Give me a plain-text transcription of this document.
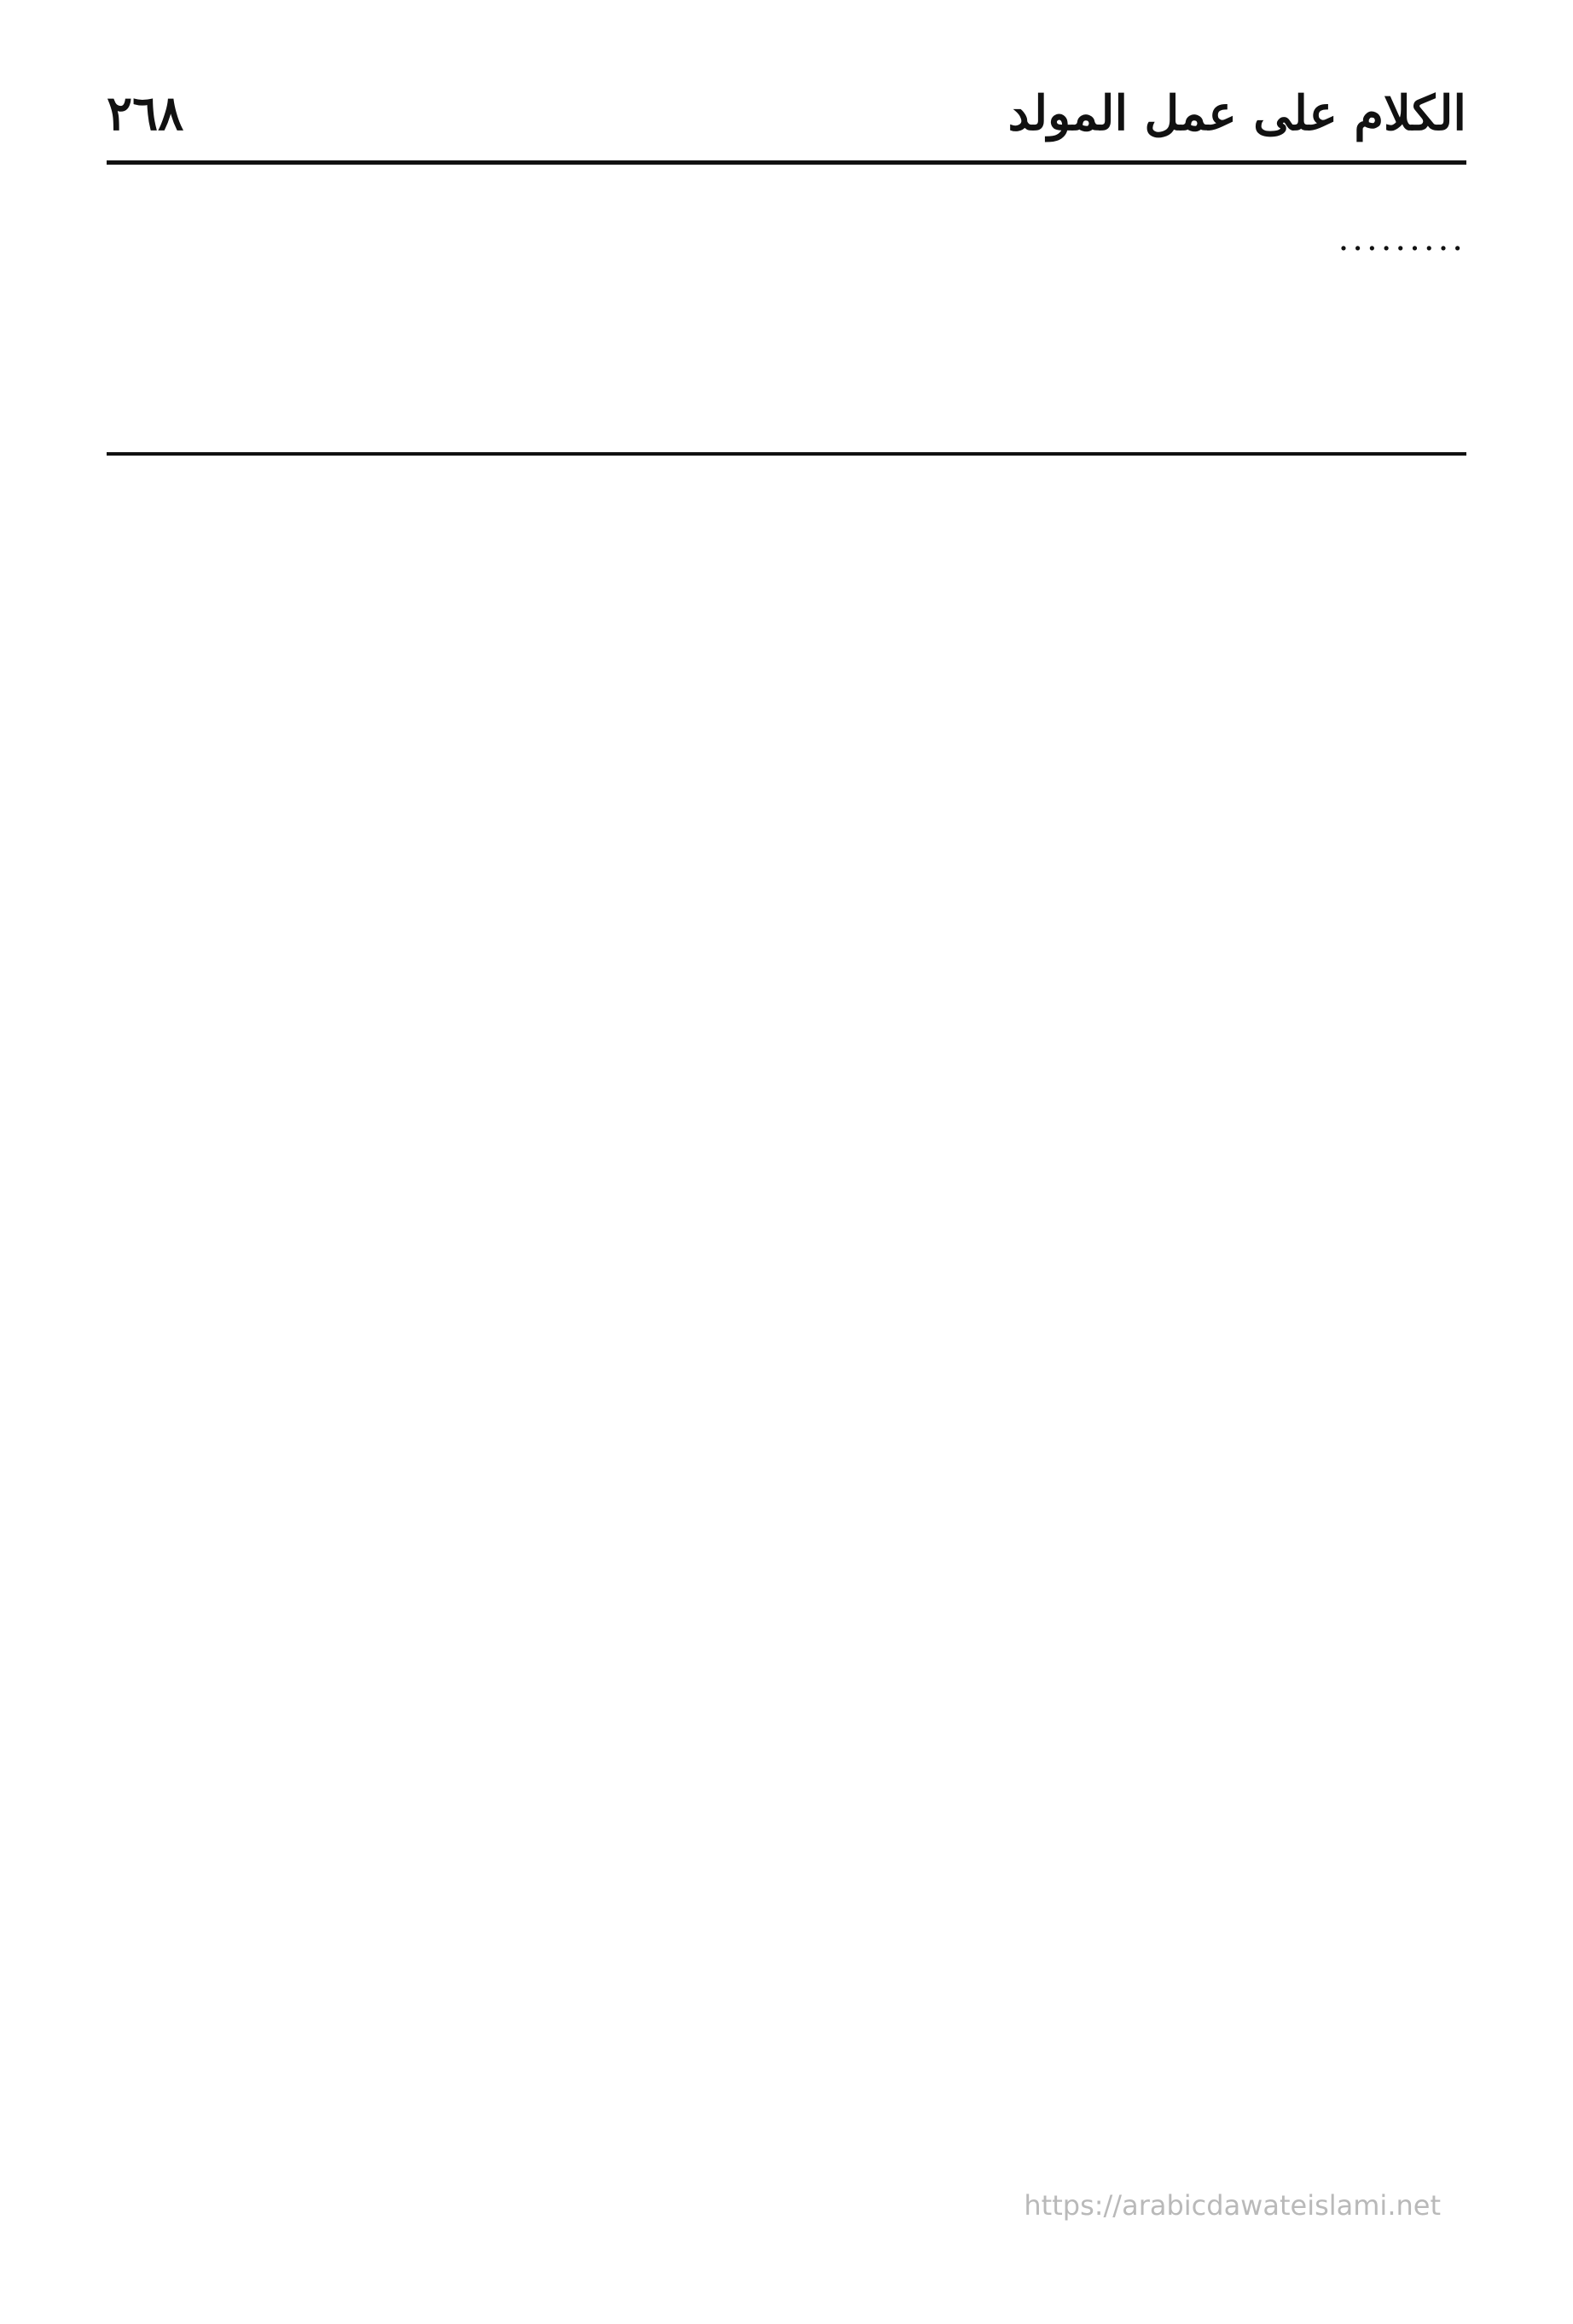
٢٦٨	الكلام على عمل المولد
.........

https://arabicdawateislami.net
